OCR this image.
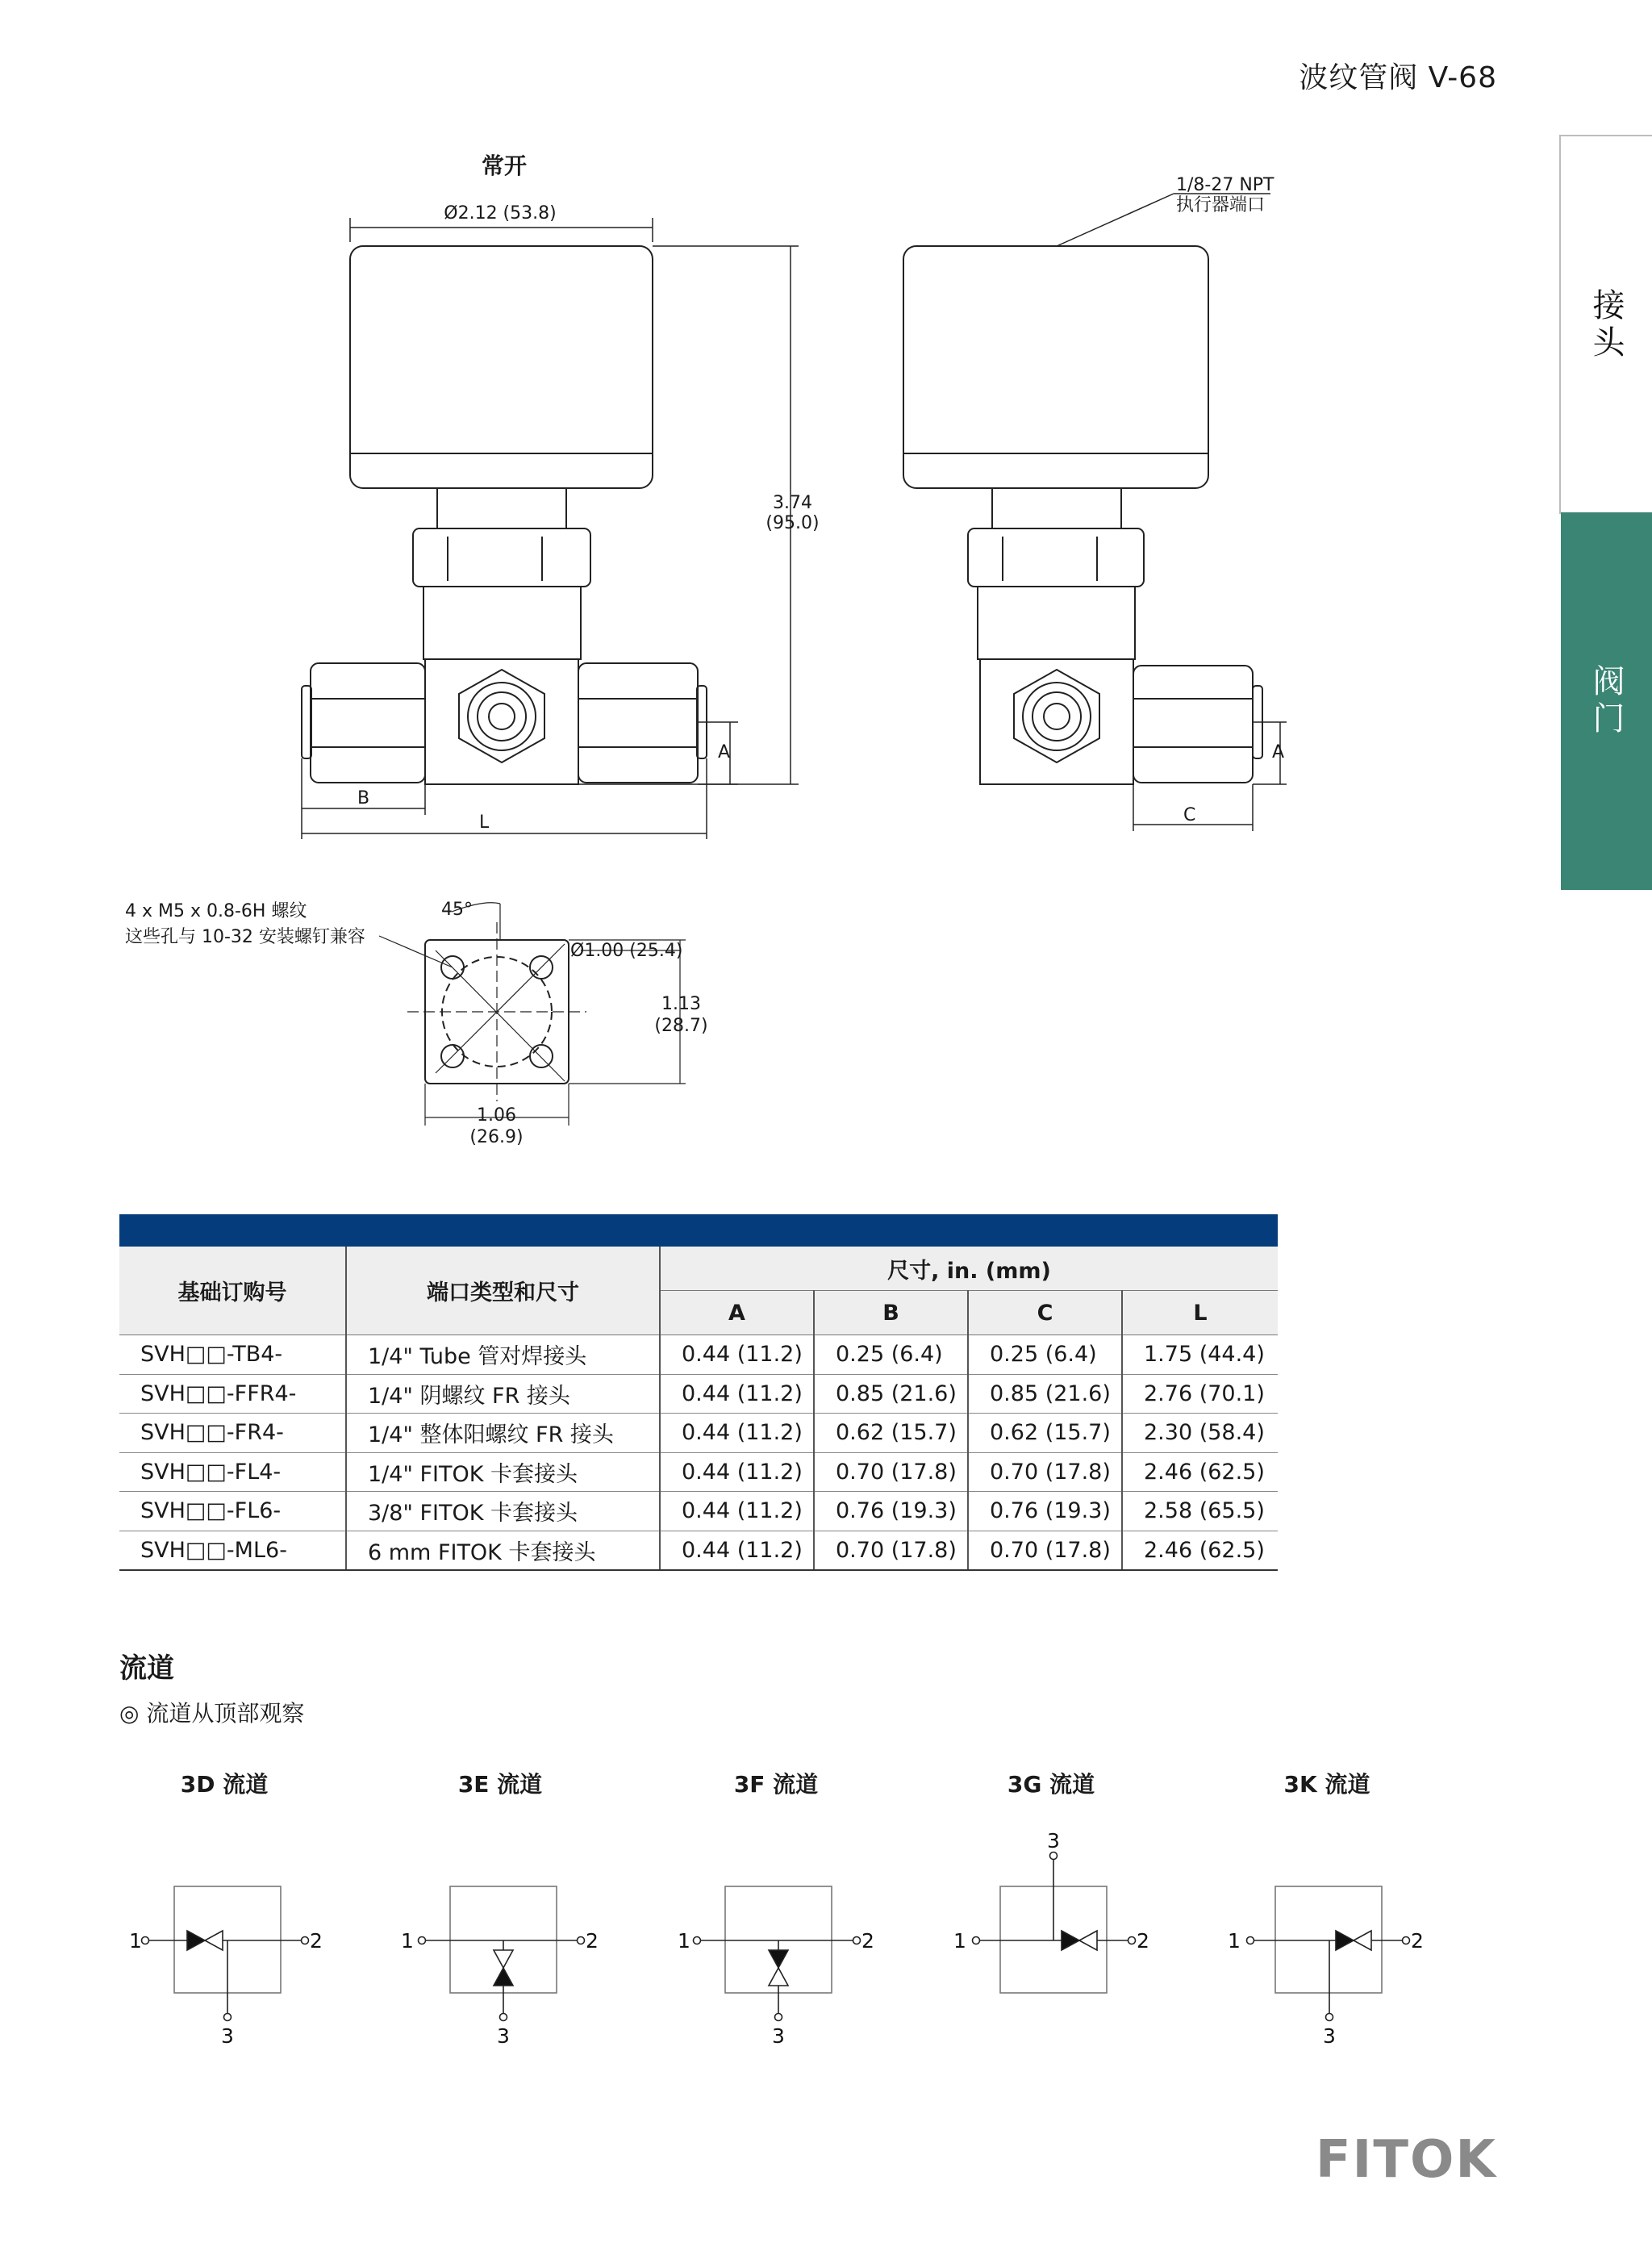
波纹管阀 V-68
接头
阀门
常开
Ø2.12 (53.8)
3.74
(95.0)
1/8-27 NPT
执行器端口
A
B
L	C
A
4 x M5 x 0.8-6H 螺纹
这些孔与 10-32 安装螺钉兼容
45°
Ø1.00 (25.4)
1.13
(28.7)
1.06
(26.9)
基础订购号	端口类型和尺寸	尺寸, in. (mm)			
		A	B	C	L
SVH□□-TB4-	1/4" Tube 管对焊接头	0.44 (11.2)	0.25 (6.4)	0.25 (6.4)	1.75 (44.4)
SVH□□-FFR4-	1/4" 阴螺纹 FR 接头	0.44 (11.2)	0.85 (21.6)	0.85 (21.6)	2.76 (70.1)
SVH□□-FR4-	1/4" 整体阳螺纹 FR 接头	0.44 (11.2)	0.62 (15.7)	0.62 (15.7)	2.30 (58.4)
SVH□□-FL4-	1/4" FITOK 卡套接头	0.44 (11.2)	0.70 (17.8)	0.70 (17.8)	2.46 (62.5)
SVH□□-FL6-	3/8" FITOK 卡套接头	0.44 (11.2)	0.76 (19.3)	0.76 (19.3)	2.58 (65.5)
SVH□□-ML6-	6 mm FITOK 卡套接头	0.44 (11.2)	0.70 (17.8)	0.70 (17.8)	2.46 (62.5)
流道
◎ 流道从顶部观察
3D 流道	3E 流道	3F 流道	3G 流道	3K 流道
1	2
3
1	2
3
1	2
3
1	2
3
1	2
3
FITOK
